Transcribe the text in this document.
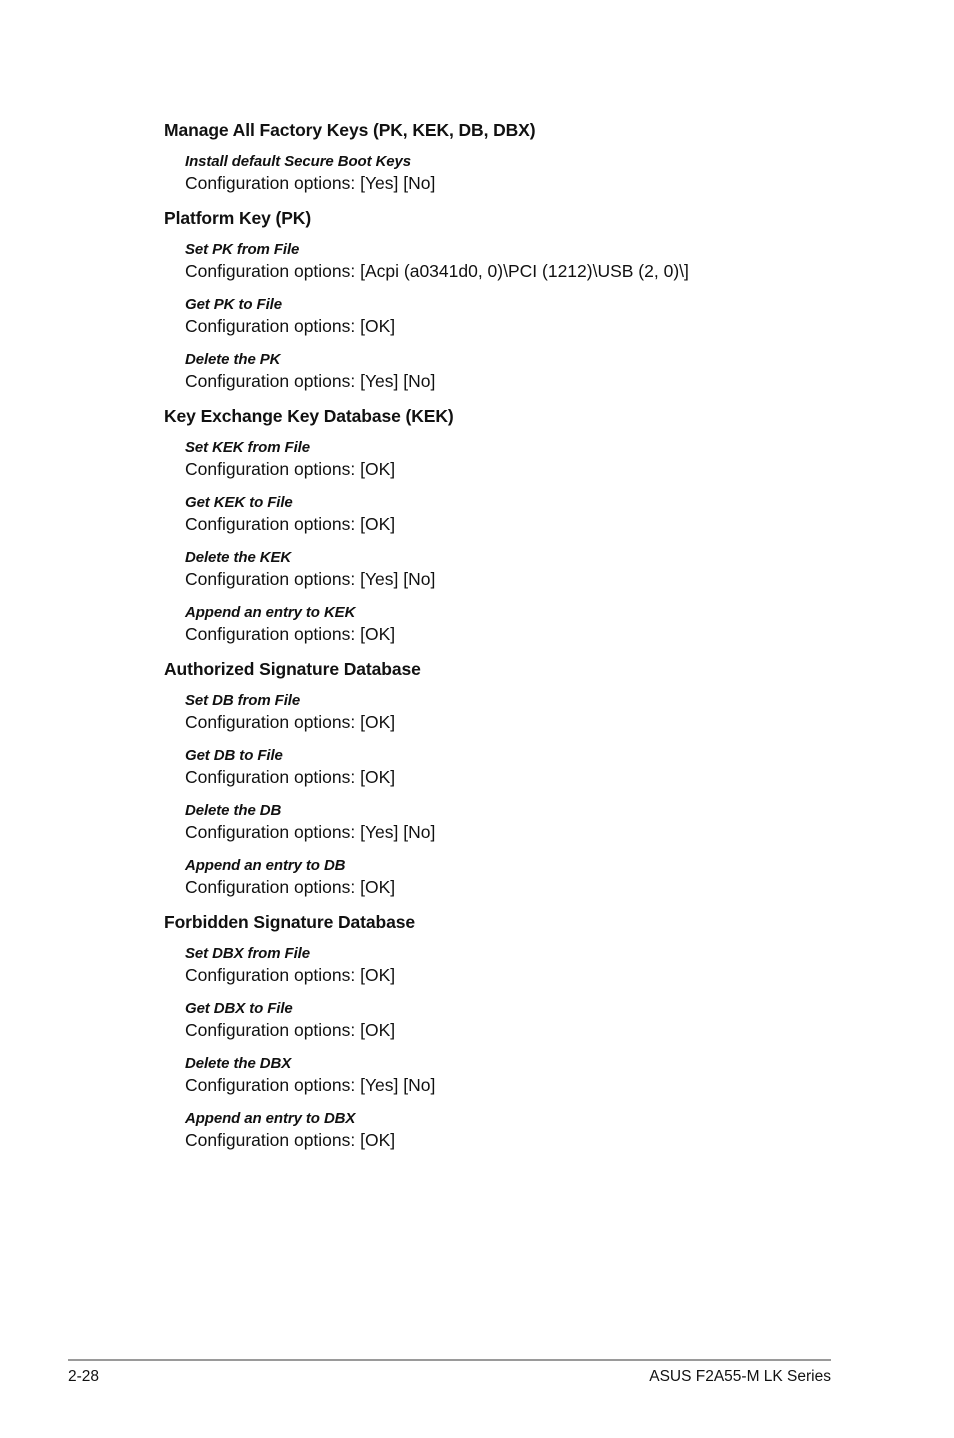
Manage All Factory Keys (PK, KEK, DB, DBX)
Install default Secure Boot Keys
Configuration options: [Yes] [No]
Platform Key (PK)
Set PK from File
Configuration options: [Acpi (a0341d0, 0)\PCI (1212)\USB (2, 0)\]
Get PK to File
Configuration options: [OK]
Delete the PK
Configuration options: [Yes] [No]
Key Exchange Key Database (KEK)
Set KEK from File
Configuration options: [OK]
Get KEK to File
Configuration options: [OK]
Delete the KEK
Configuration options: [Yes] [No]
Append an entry to KEK
Configuration options: [OK]
Authorized Signature Database
Set DB from File
Configuration options: [OK]
Get DB to File
Configuration options: [OK]
Delete the DB
Configuration options: [Yes] [No]
Append an entry to DB
Configuration options: [OK]
Forbidden Signature Database
Set DBX from File
Configuration options: [OK]
Get DBX to File
Configuration options: [OK]
Delete the DBX
Configuration options: [Yes] [No]
Append an entry to DBX
Configuration options: [OK]
2-28	ASUS F2A55-M LK Series
